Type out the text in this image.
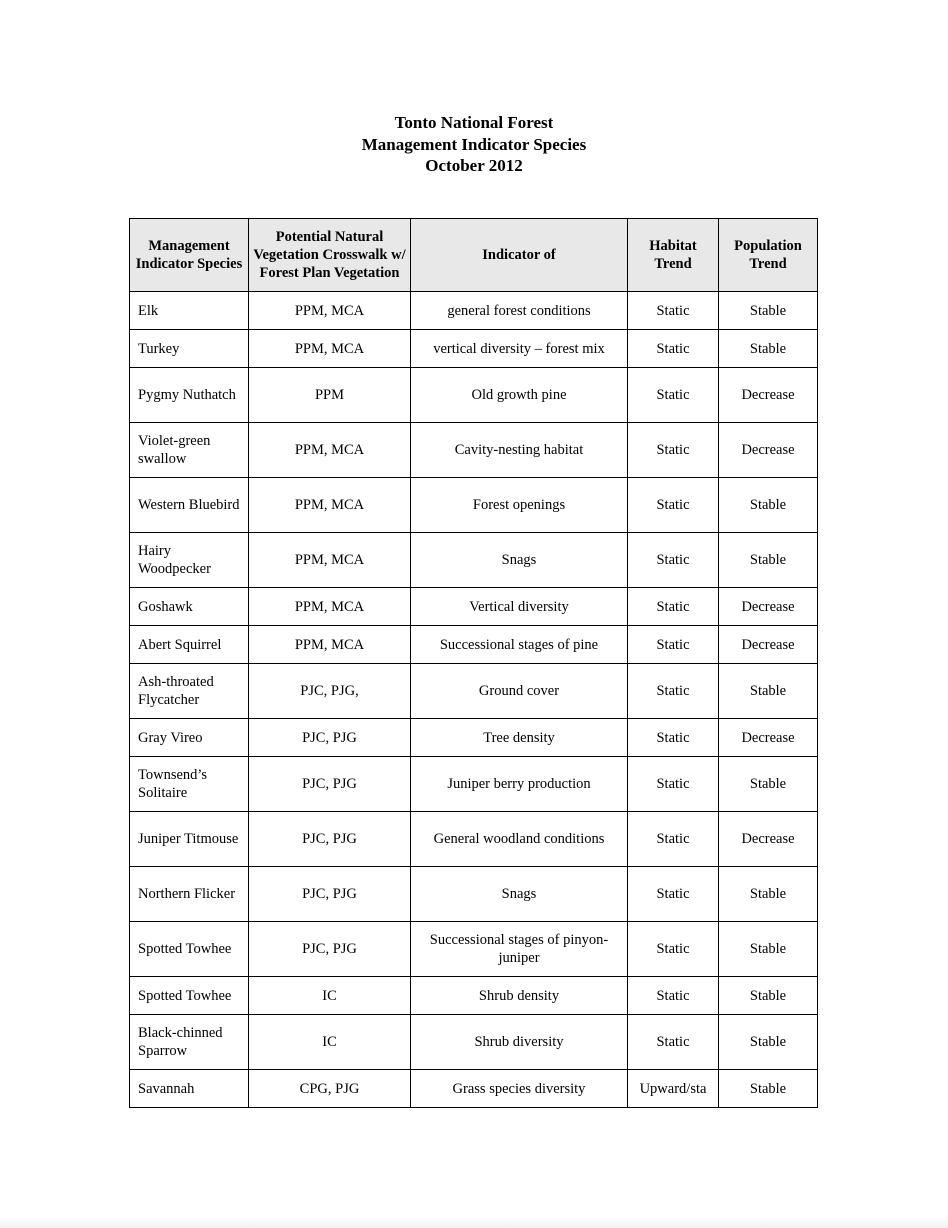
Tonto National Forest
Management Indicator Species
October 2012
Management Indicator Species	Potential Natural Vegetation Crosswalk w/ Forest Plan Vegetation	Indicator of	Habitat Trend	Population Trend
Elk	PPM, MCA	general forest conditions	Static	Stable
Turkey	PPM, MCA	vertical diversity – forest mix	Static	Stable
Pygmy Nuthatch	PPM	Old growth pine	Static	Decrease
Violet-green swallow	PPM, MCA	Cavity-nesting habitat	Static	Decrease
Western Bluebird	PPM, MCA	Forest openings	Static	Stable
Hairy Woodpecker	PPM, MCA	Snags	Static	Stable
Goshawk	PPM, MCA	Vertical diversity	Static	Decrease
Abert Squirrel	PPM, MCA	Successional stages of pine	Static	Decrease
Ash-throated Flycatcher	PJC, PJG,	Ground cover	Static	Stable
Gray Vireo	PJC, PJG	Tree density	Static	Decrease
Townsend’s Solitaire	PJC, PJG	Juniper berry production	Static	Stable
Juniper Titmouse	PJC, PJG	General woodland conditions	Static	Decrease
Northern Flicker	PJC, PJG	Snags	Static	Stable
Spotted Towhee	PJC, PJG	Successional stages of pinyon-juniper	Static	Stable
Spotted Towhee	IC	Shrub density	Static	Stable
Black-chinned Sparrow	IC	Shrub diversity	Static	Stable
Savannah	CPG, PJG	Grass species diversity	Upward/sta	Stable
